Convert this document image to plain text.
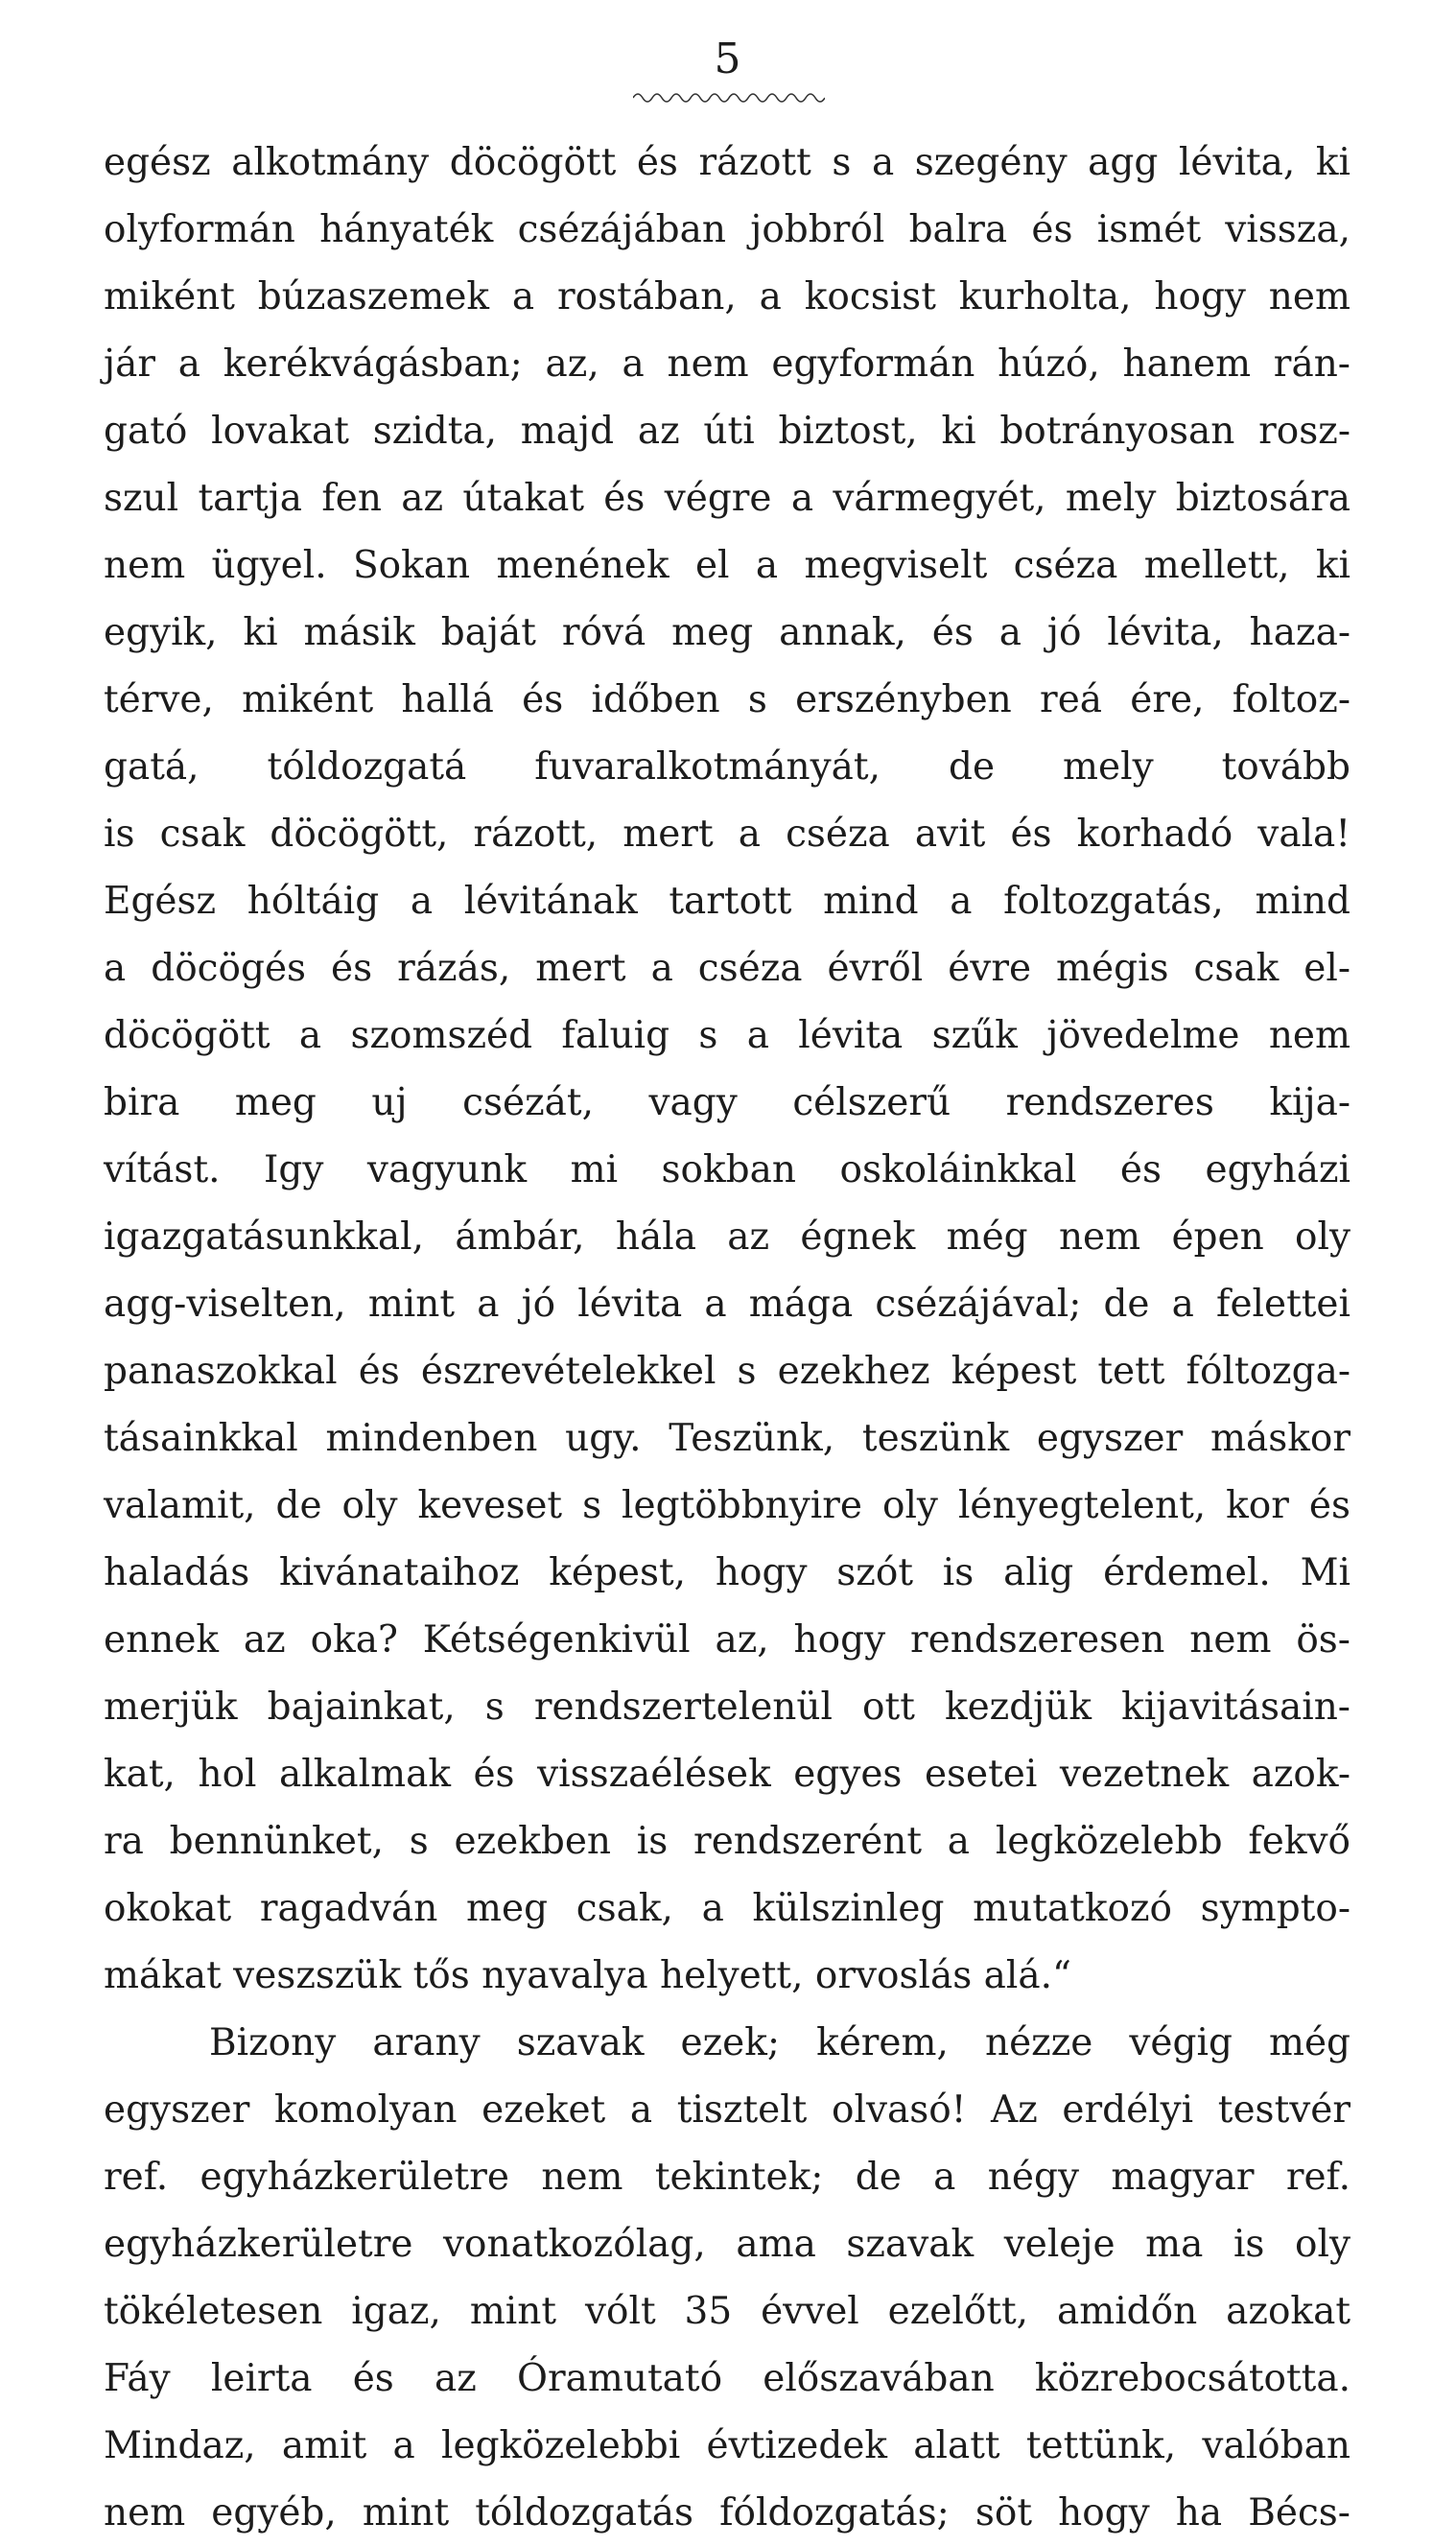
5
egész alkotmány döcögött és rázott s a szegény agg lévita, ki
olyformán hányaték csézájában jobbról balra és ismét vissza,
miként búzaszemek a rostában, a kocsist kurholta, hogy nem
jár a kerékvágásban; az, a nem egyformán húzó, hanem rán-
gató lovakat szidta, majd az úti biztost, ki botrányosan rosz-
szul tartja fen az útakat és végre a vármegyét, mely biztosára
nem ügyel. Sokan menének el a megviselt cséza mellett, ki
egyik, ki másik baját róvá meg annak, és a jó lévita, haza-
térve, miként hallá és időben s erszényben reá ére, foltoz-
gatá, tóldozgatá fuvaralkotmányát, de mely tovább
is csak döcögött, rázott, mert a cséza avit és korhadó vala!
Egész hóltáig a lévitának tartott mind a foltozgatás, mind
a döcögés és rázás, mert a cséza évről évre mégis csak el-
döcögött a szomszéd faluig s a lévita szűk jövedelme nem
bira meg uj csézát, vagy célszerű rendszeres kija-
vítást. Igy vagyunk mi sokban oskoláinkkal és egyházi
igazgatásunkkal, ámbár, hála az égnek még nem épen oly
agg-viselten, mint a jó lévita a mága csézájával; de a felettei
panaszokkal és észrevételekkel s ezekhez képest tett fóltozga-
tásainkkal mindenben ugy. Teszünk, teszünk egyszer máskor
valamit, de oly keveset s legtöbbnyire oly lényegtelent, kor és
haladás kivánataihoz képest, hogy szót is alig érdemel. Mi
ennek az oka? Kétségenkivül az, hogy rendszeresen nem ös-
merjük bajainkat, s rendszertelenül ott kezdjük kijavitásain-
kat, hol alkalmak és visszaélések egyes esetei vezetnek azok-
ra bennünket, s ezekben is rendszerént a legközelebb fekvő
okokat ragadván meg csak, a külszinleg mutatkozó sympto-
mákat veszszük tős nyavalya helyett, orvoslás alá.“
Bizony arany szavak ezek; kérem, nézze végig még
egyszer komolyan ezeket a tisztelt olvasó! Az erdélyi testvér
ref. egyházkerületre nem tekintek; de a négy magyar ref.
egyházkerületre vonatkozólag, ama szavak veleje ma is oly
tökéletesen igaz, mint vólt 35 évvel ezelőtt, amidőn azokat
Fáy leirta és az Óramutató előszavában közrebocsátotta.
Mindaz, amit a legközelebbi évtizedek alatt tettünk, valóban
nem egyéb, mint tóldozgatás fóldozgatás; söt hogy ha Bécs-
